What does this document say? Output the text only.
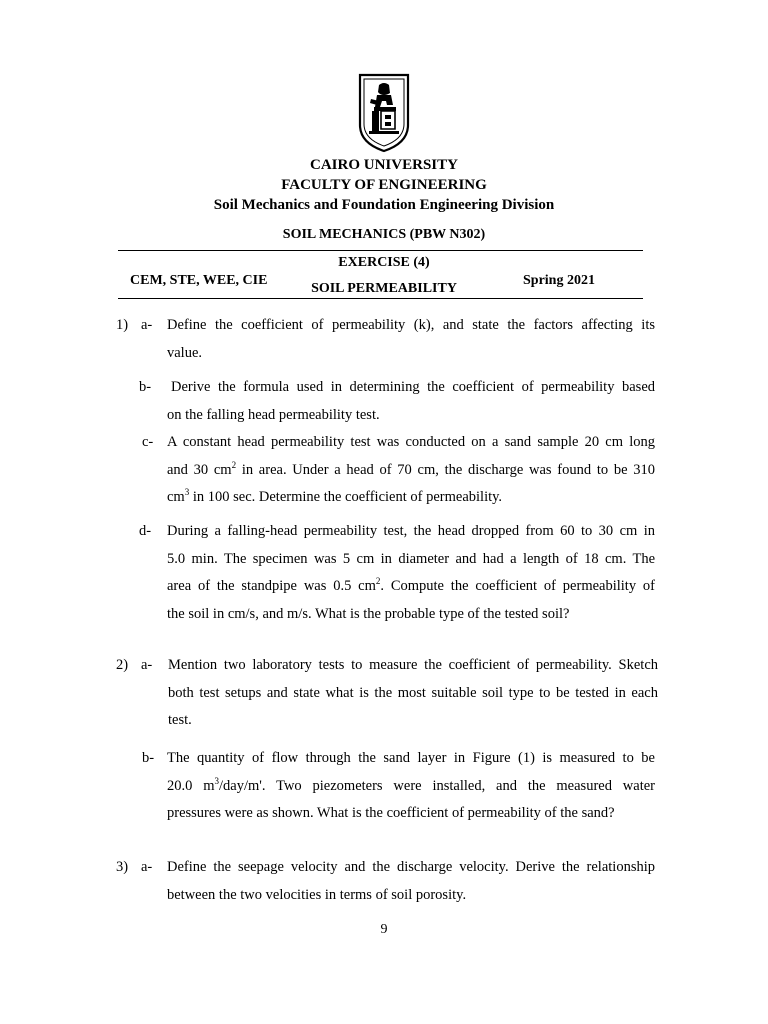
CAIRO UNIVERSITY
FACULTY OF ENGINEERING
Soil Mechanics and Foundation Engineering Division
SOIL MECHANICS (PBW N302)
CEM, STE, WEE, CIE
EXERCISE (4)
SOIL PERMEABILITY
Spring 2021
1) a- Define the coefficient of permeability (k), and state the factors affecting its
value.
b- Derive the formula used in determining the coefficient of permeability based
on the falling head permeability test.
c- A constant head permeability test was conducted on a sand sample 20 cm long
and 30 $cm^2$ in area. Under a head of 70 cm, the discharge was found to be 310
$cm^3$ in 100 sec. Determine the coefficient of permeability.
d- During a falling-head permeability test, the head dropped from 60 to 30 cm in
5.0 min. The specimen was 5 cm in diameter and had a length of 18 cm. The
area of the standpipe was 0.5 $cm^2$. Compute the coefficient of permeability of
the soil in cm/s, and m/s. What is the probable type of the tested soil?
2) a- Mention two laboratory tests to measure the coefficient of permeability. Sketch
both test setups and state what is the most suitable soil type to be tested in each
test.
b- The quantity of flow through the sand layer in Figure (1) is measured to be
20.0 $m^3/day/m'$. Two piezometers were installed, and the measured water
pressures were as shown. What is the coefficient of permeability of the sand?
3) a- Define the seepage velocity and the discharge velocity. Derive the relationship
between the two velocities in terms of soil porosity.
9
